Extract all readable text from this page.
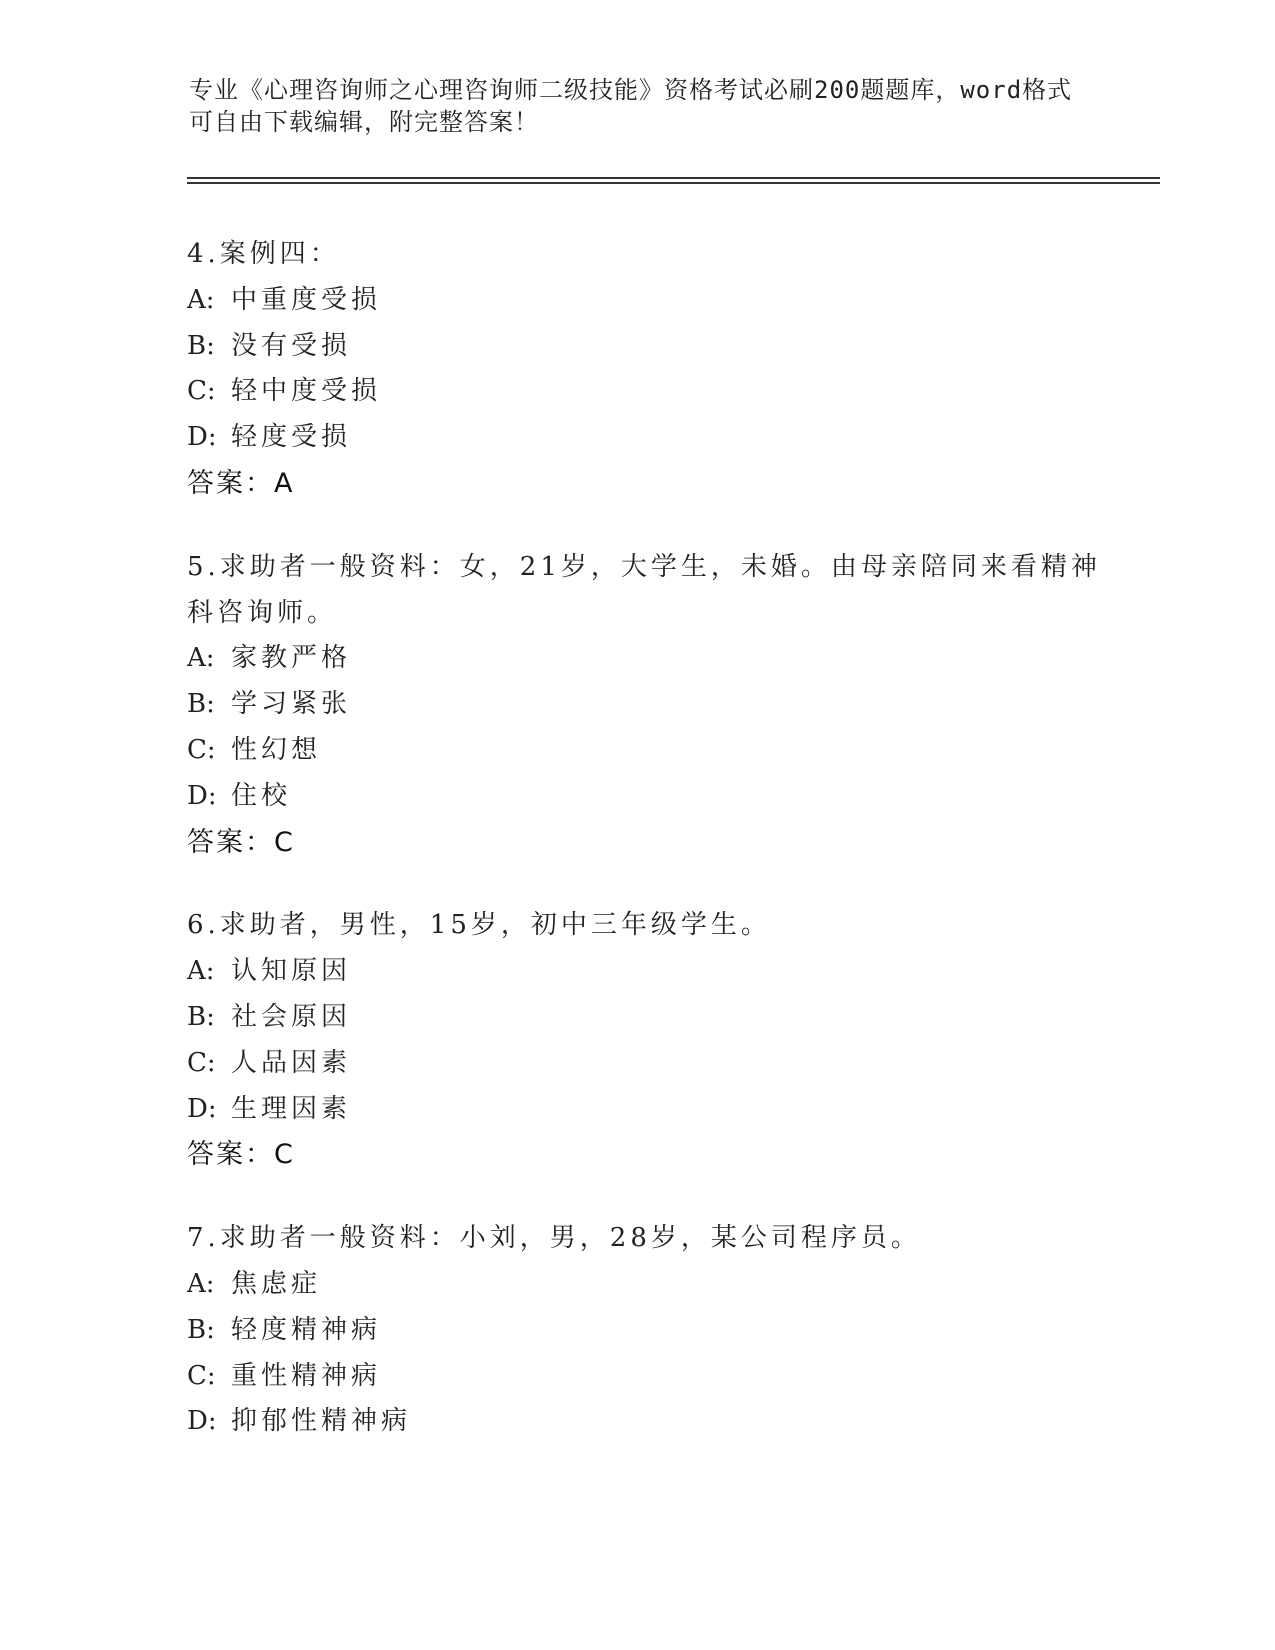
专业《心理咨询师之心理咨询师二级技能》资格考试必刷200题题库，word格式
可自由下载编辑，附完整答案！
4.案例四：
A: 中重度受损
B: 没有受损
C: 轻中度受损
D: 轻度受损
答案：A
5.求助者一般资料：女，21岁，大学生，未婚。由母亲陪同来看精神
科咨询师。
A: 家教严格
B: 学习紧张
C: 性幻想
D: 住校
答案：C
6.求助者，男性，15岁，初中三年级学生。
A: 认知原因
B: 社会原因
C: 人品因素
D: 生理因素
答案：C
7.求助者一般资料：小刘，男，28岁，某公司程序员。
A: 焦虑症
B: 轻度精神病
C: 重性精神病
D: 抑郁性精神病
